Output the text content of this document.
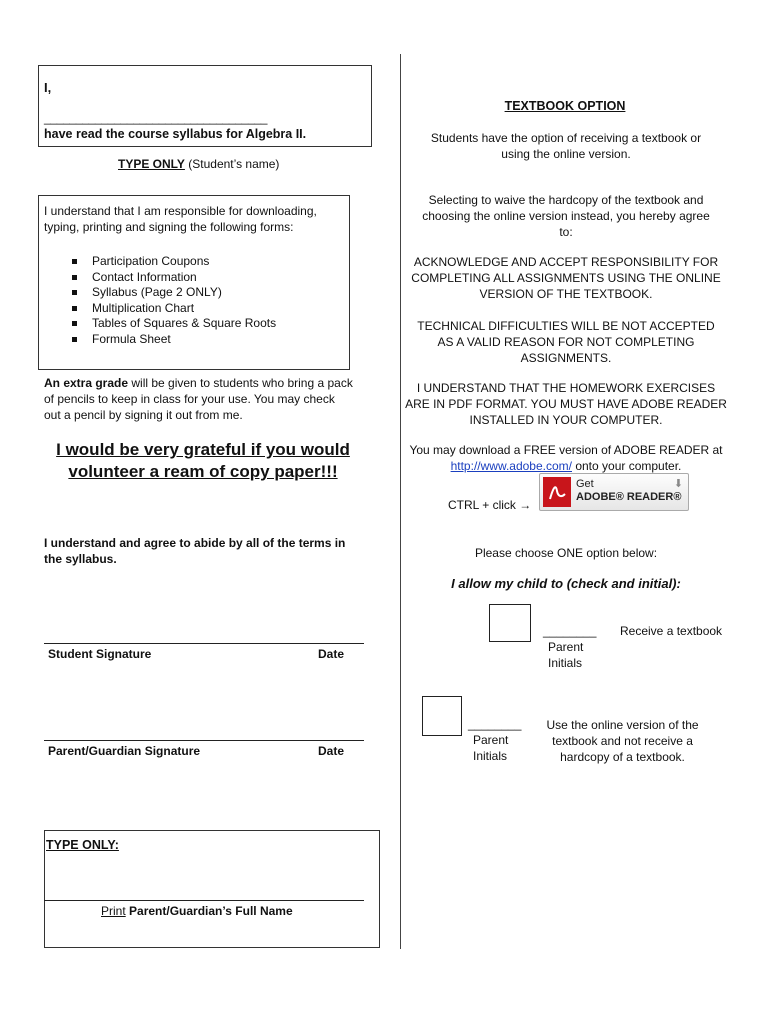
I,
___________________________________
have read the course syllabus for Algebra II.
TYPE ONLY (Student’s name)
I understand that I am responsible for downloading, typing, printing and signing the following forms:
Participation Coupons
Contact Information
Syllabus (Page 2 ONLY)
Multiplication Chart
Tables of Squares & Square Roots
Formula Sheet
An extra grade will be given to students who bring a pack of pencils to keep in class for your use. You may check out a pencil by signing it out from me.
I would be very grateful if you would volunteer a ream of copy paper!!!
I understand and agree to abide by all of the terms in the syllabus.
Student Signature	Date
Parent/Guardian Signature	Date
TYPE ONLY:
Print Parent/Guardian’s Full Name
TEXTBOOK OPTION
Students have the option of receiving a textbook or using the online version.
Selecting to waive the hardcopy of the textbook and choosing the online version instead, you hereby agree to:
ACKNOWLEDGE AND ACCEPT RESPONSIBILITY FOR COMPLETING ALL ASSIGNMENTS USING THE ONLINE VERSION OF THE TEXTBOOK.
TECHNICAL DIFFICULTIES WILL BE NOT ACCEPTED AS A VALID REASON FOR NOT COMPLETING ASSIGNMENTS.
I UNDERSTAND THAT THE HOMEWORK EXERCISES ARE IN PDF FORMAT. YOU MUST HAVE ADOBE READER INSTALLED IN YOUR COMPUTER.
You may download a FREE version of ADOBE READER at
http://www.adobe.com/ onto your computer.
CTRL + click →
Get
ADOBE® READER®
⬇
Please choose ONE option below:
I allow my child to (check and initial):
________
Parent
Initials
Receive a textbook
________
Parent
Initials
Use the online version of the textbook and not receive a hardcopy of a textbook.
